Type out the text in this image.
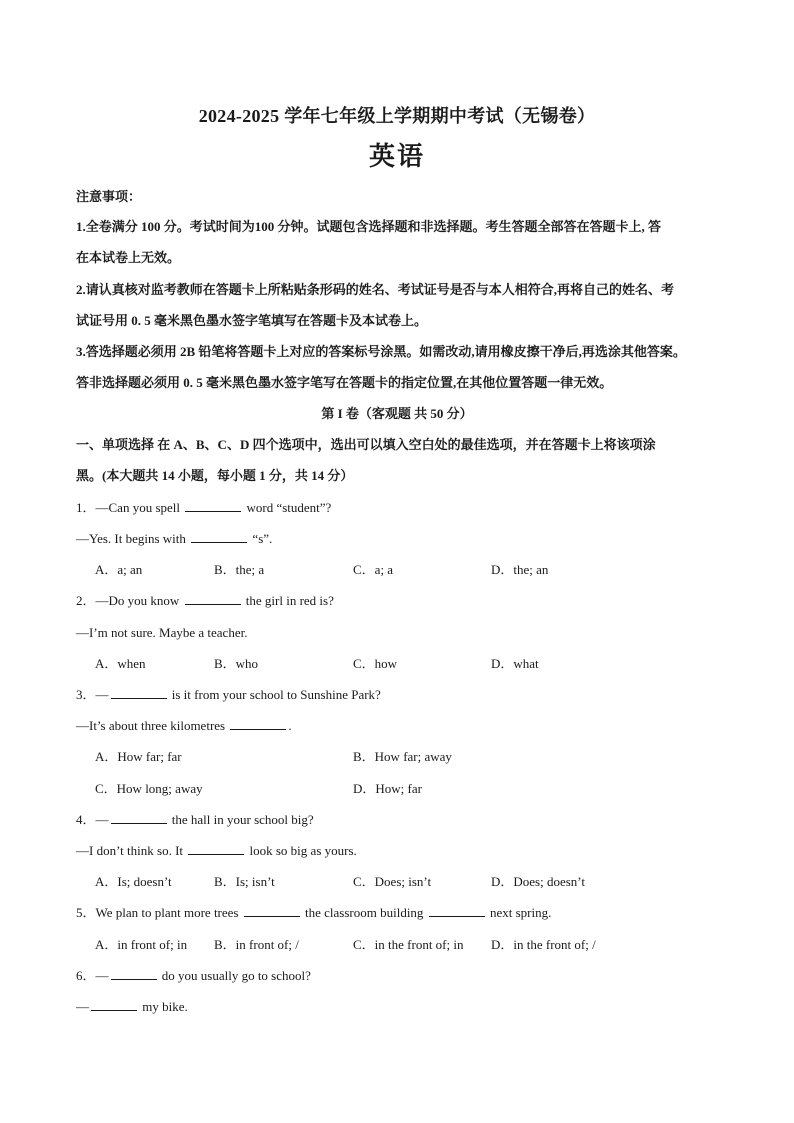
2024-2025 学年七年级上学期期中考试（无锡卷）
英语
注意事项：
1.全卷满分 100 分。考试时间为100 分钟。试题包含选择题和非选择题。考生答题全部答在答题卡上, 答
在本试卷上无效。
2.请认真核对监考教师在答题卡上所粘贴条形码的姓名、考试证号是否与本人相符合,再将自己的姓名、考
试证号用 0. 5 毫米黑色墨水签字笔填写在答题卡及本试卷上。
3.答选择题必须用 2B 铅笔将答题卡上对应的答案标号涂黑。如需改动,请用橡皮擦干净后,再选涂其他答案。
答非选择题必须用 0. 5 毫米黑色墨水签字笔写在答题卡的指定位置,在其他位置答题一律无效。
第 I 卷（客观题 共 50 分）
一、单项选择 在 A、B、C、D 四个选项中，选出可以填入空白处的最佳选项，并在答题卡上将该项涂
黑。(本大题共 14 小题，每小题 1 分，共 14 分）
1．—Can you spell	word “student”?
—Yes. It begins with	“s”.
A．a; an	B．the; a	C．a; a	D．the; an
2．—Do you know	the girl in red is?
—I’m not sure. Maybe a teacher.
A．when	B．who	C．how	D．what
3．—	is it from your school to Sunshine Park?
—It’s about three kilometres	.
A．How far; far	B．How far; away
C．How long; away	D．How; far
4．—	the hall in your school big?
—I don’t think so. It	look so big as yours.
A．Is; doesn’t	B．Is; isn’t	C．Does; isn’t	D．Does; doesn’t
5．We plan to plant more trees	the classroom building	next spring.
A．in front of; in B．in front of; /	C．in the front of; in D．in the front of; /
6．—	do you usually go to school?
—	my bike.
